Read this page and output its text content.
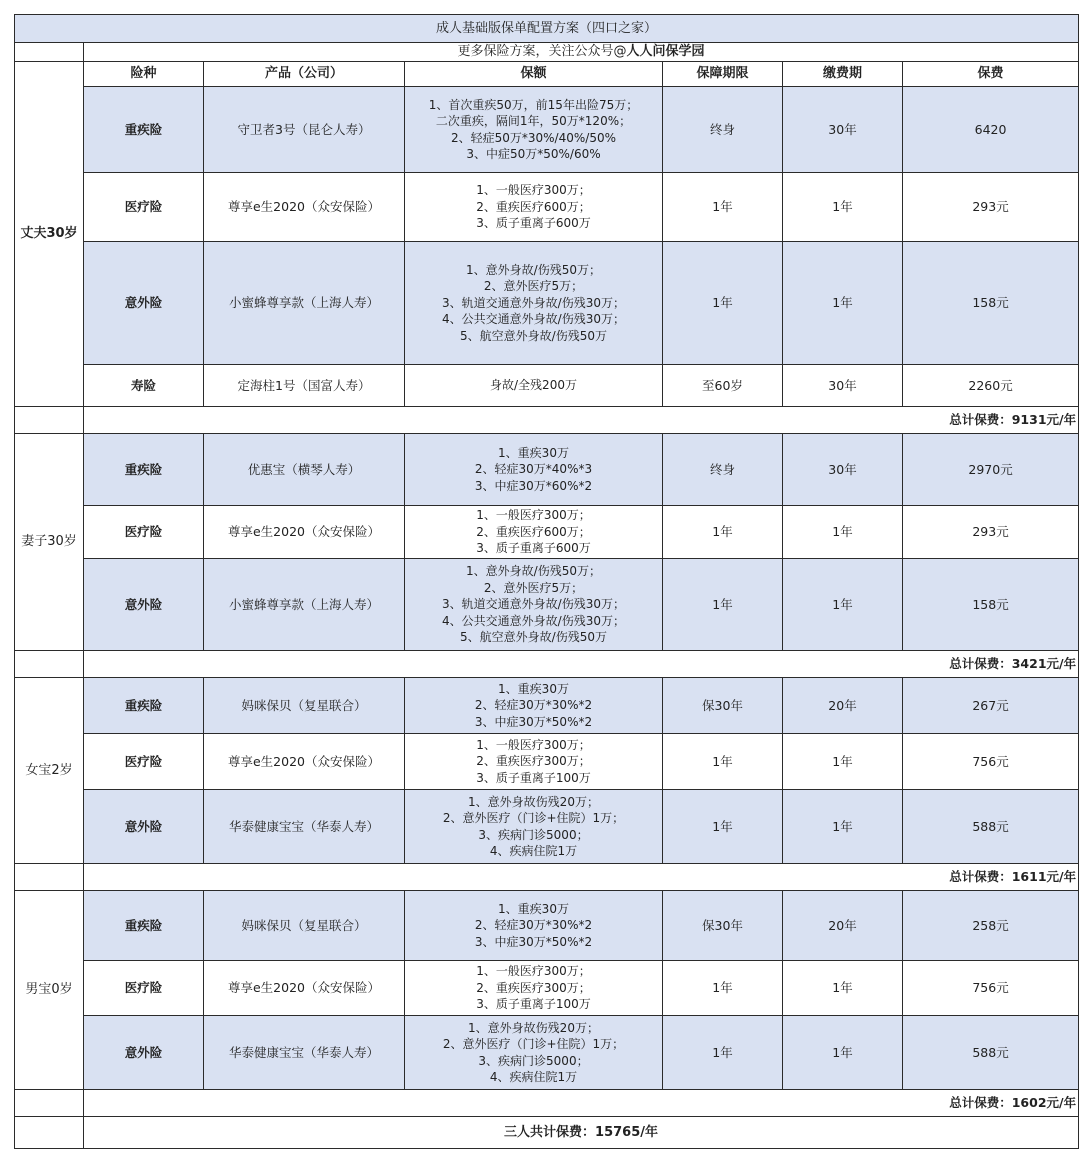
成人基础版保单配置方案（四口之家）						
	更多保险方案，关注公众号@人人问保学园					
丈夫30岁	险种	产品（公司）	保额	保障期限	缴费期	保费
	重疾险	守卫者3号（昆仑人寿）	1、首次重疾50万，前15年出险75万；
二次重疾，隔间1年，50万*120%；
2、轻症50万*30%/40%/50%
3、中症50万*50%/60%	终身	30年	6420
	医疗险	尊享e生2020（众安保险）	1、一般医疗300万；
2、重疾医疗600万；
3、质子重离子600万	1年	1年	293元
	意外险	小蜜蜂尊享款（上海人寿）	1、意外身故/伤残50万；
2、意外医疗5万；
3、轨道交通意外身故/伤残30万；
4、公共交通意外身故/伤残30万；
5、航空意外身故/伤残50万	1年	1年	158元
	寿险	定海柱1号（国富人寿）	身故/全残200万	至60岁	30年	2260元
	总计保费：9131元/年					
妻子30岁	重疾险	优惠宝（横琴人寿）	1、重疾30万
2、轻症30万*40%*3
3、中症30万*60%*2	终身	30年	2970元
	医疗险	尊享e生2020（众安保险）	1、一般医疗300万；
2、重疾医疗600万；
3、质子重离子600万	1年	1年	293元
	意外险	小蜜蜂尊享款（上海人寿）	1、意外身故/伤残50万；
2、意外医疗5万；
3、轨道交通意外身故/伤残30万；
4、公共交通意外身故/伤残30万；
5、航空意外身故/伤残50万	1年	1年	158元
	总计保费：3421元/年					
女宝2岁	重疾险	妈咪保贝（复星联合）	1、重疾30万
2、轻症30万*30%*2
3、中症30万*50%*2	保30年	20年	267元
	医疗险	尊享e生2020（众安保险）	1、一般医疗300万；
2、重疾医疗300万；
3、质子重离子100万	1年	1年	756元
	意外险	华泰健康宝宝（华泰人寿）	1、意外身故伤残20万；
2、意外医疗（门诊+住院）1万；
3、疾病门诊5000；
4、疾病住院1万	1年	1年	588元
	总计保费：1611元/年					
男宝0岁	重疾险	妈咪保贝（复星联合）	1、重疾30万
2、轻症30万*30%*2
3、中症30万*50%*2	保30年	20年	258元
	医疗险	尊享e生2020（众安保险）	1、一般医疗300万；
2、重疾医疗300万；
3、质子重离子100万	1年	1年	756元
	意外险	华泰健康宝宝（华泰人寿）	1、意外身故伤残20万；
2、意外医疗（门诊+住院）1万；
3、疾病门诊5000；
4、疾病住院1万	1年	1年	588元
	总计保费：1602元/年					
	三人共计保费：15765/年					
